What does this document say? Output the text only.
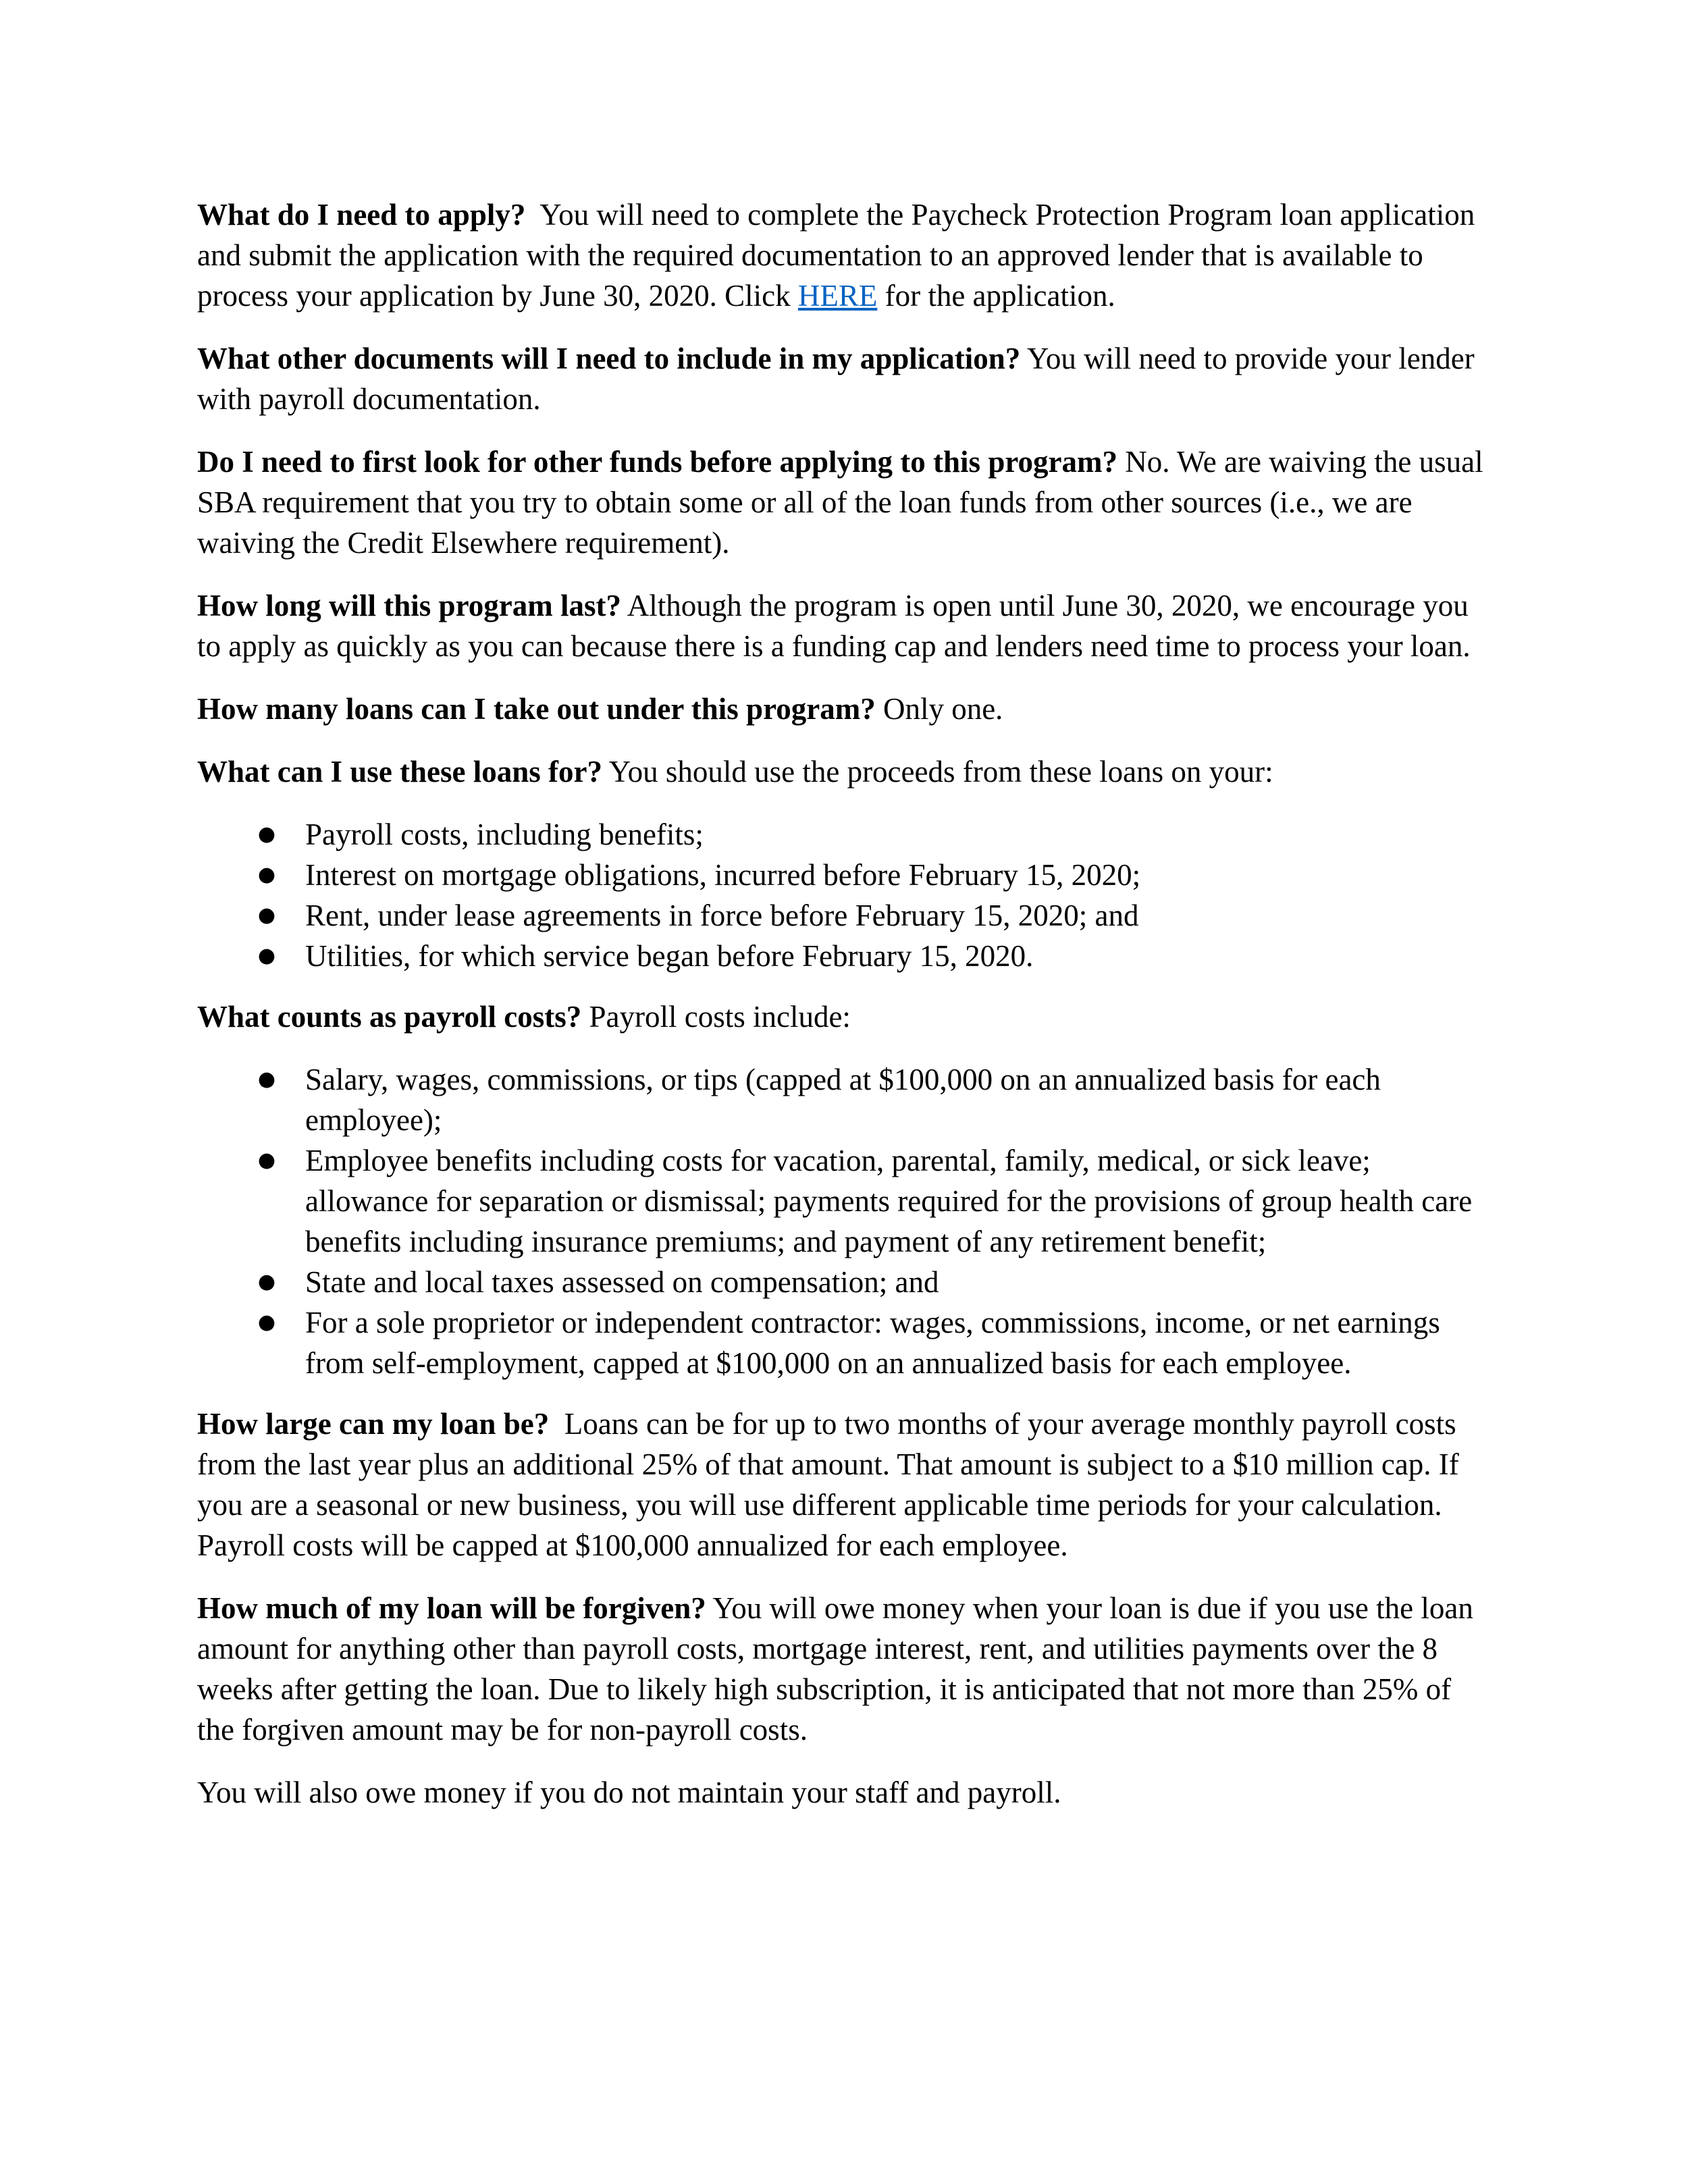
What do I need to apply?  You will need to complete the Paycheck Protection Program loan application and submit the application with the required documentation to an approved lender that is available to process your application by June 30, 2020. Click HERE for the application.

What other documents will I need to include in my application? You will need to provide your lender with payroll documentation.

Do I need to first look for other funds before applying to this program? No. We are waiving the usual SBA requirement that you try to obtain some or all of the loan funds from other sources (i.e., we are waiving the Credit Elsewhere requirement).

How long will this program last? Although the program is open until June 30, 2020, we encourage you to apply as quickly as you can because there is a funding cap and lenders need time to process your loan.

How many loans can I take out under this program? Only one.

What can I use these loans for? You should use the proceeds from these loans on your:

● Payroll costs, including benefits;
● Interest on mortgage obligations, incurred before February 15, 2020;
● Rent, under lease agreements in force before February 15, 2020; and
● Utilities, for which service began before February 15, 2020.

What counts as payroll costs? Payroll costs include:

● Salary, wages, commissions, or tips (capped at $100,000 on an annualized basis for each employee);
● Employee benefits including costs for vacation, parental, family, medical, or sick leave; allowance for separation or dismissal; payments required for the provisions of group health care benefits including insurance premiums; and payment of any retirement benefit;
● State and local taxes assessed on compensation; and
● For a sole proprietor or independent contractor: wages, commissions, income, or net earnings from self-employment, capped at $100,000 on an annualized basis for each employee.

How large can my loan be?  Loans can be for up to two months of your average monthly payroll costs from the last year plus an additional 25% of that amount. That amount is subject to a $10 million cap. If you are a seasonal or new business, you will use different applicable time periods for your calculation. Payroll costs will be capped at $100,000 annualized for each employee.

How much of my loan will be forgiven? You will owe money when your loan is due if you use the loan amount for anything other than payroll costs, mortgage interest, rent, and utilities payments over the 8 weeks after getting the loan. Due to likely high subscription, it is anticipated that not more than 25% of the forgiven amount may be for non-payroll costs.

You will also owe money if you do not maintain your staff and payroll.
